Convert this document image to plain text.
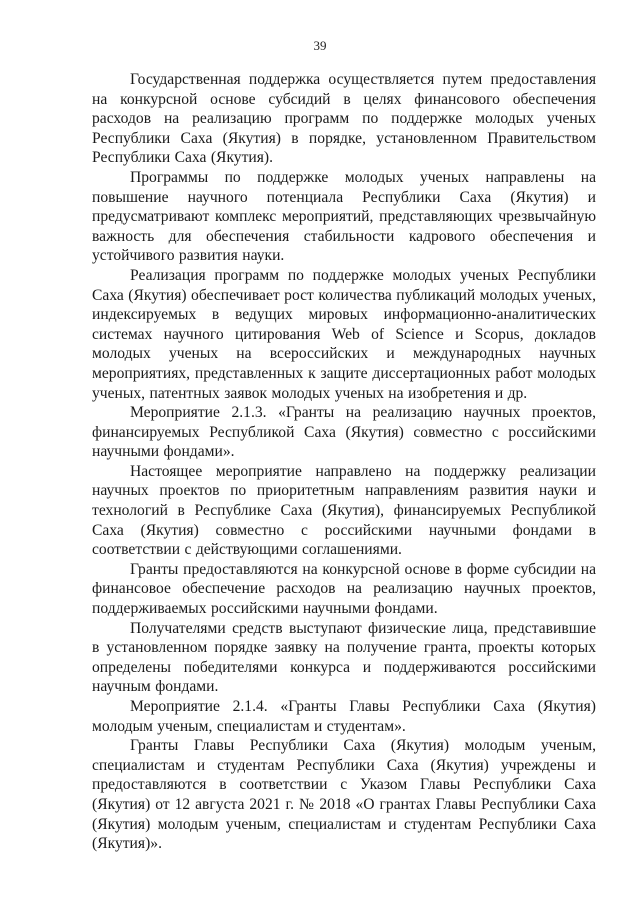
39

Государственная поддержка осуществляется путем предоставления на конкурсной основе субсидий в целях финансового обеспечения расходов на реализацию программ по поддержке молодых ученых Республики Саха (Якутия) в порядке, установленном Правительством Республики Саха (Якутия).

Программы по поддержке молодых ученых направлены на повышение научного потенциала Республики Саха (Якутия) и предусматривают комплекс мероприятий, представляющих чрезвычайную важность для обеспечения стабильности кадрового обеспечения и устойчивого развития науки.

Реализация программ по поддержке молодых ученых Республики Саха (Якутия) обеспечивает рост количества публикаций молодых ученых, индексируемых в ведущих мировых информационно-аналитических системах научного цитирования Web of Science и Scopus, докладов молодых ученых на всероссийских и международных научных мероприятиях, представленных к защите диссертационных работ молодых ученых, патентных заявок молодых ученых на изобретения и др.

Мероприятие 2.1.3. «Гранты на реализацию научных проектов, финансируемых Республикой Саха (Якутия) совместно с российскими научными фондами».

Настоящее мероприятие направлено на поддержку реализации научных проектов по приоритетным направлениям развития науки и технологий в Республике Саха (Якутия), финансируемых Республикой Саха (Якутия) совместно с российскими научными фондами в соответствии с действующими соглашениями.

Гранты предоставляются на конкурсной основе в форме субсидии на финансовое обеспечение расходов на реализацию научных проектов, поддерживаемых российскими научными фондами.

Получателями средств выступают физические лица, представившие в установленном порядке заявку на получение гранта, проекты которых определены победителями конкурса и поддерживаются российскими научным фондами.

Мероприятие 2.1.4. «Гранты Главы Республики Саха (Якутия) молодым ученым, специалистам и студентам».

Гранты Главы Республики Саха (Якутия) молодым ученым, специалистам и студентам Республики Саха (Якутия) учреждены и предоставляются в соответствии с Указом Главы Республики Саха (Якутия) от 12 августа 2021 г. № 2018 «О грантах Главы Республики Саха (Якутия) молодым ученым, специалистам и студентам Республики Саха (Якутия)».
